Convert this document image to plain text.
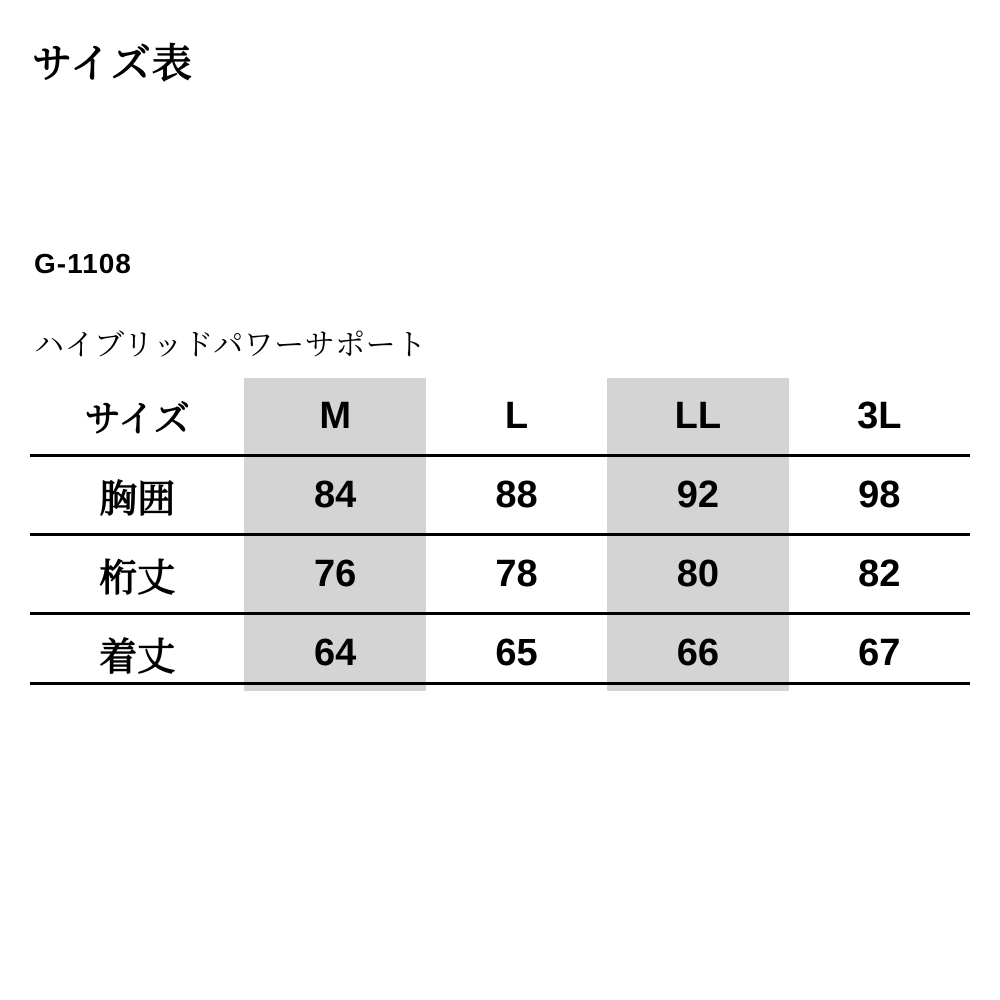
サイズ表
G-1108
ハイブリッドパワーサポート
サイズ	M	L	LL	3L
胸囲	84	88	92	98
桁丈	76	78	80	82
着丈	64	65	66	67
